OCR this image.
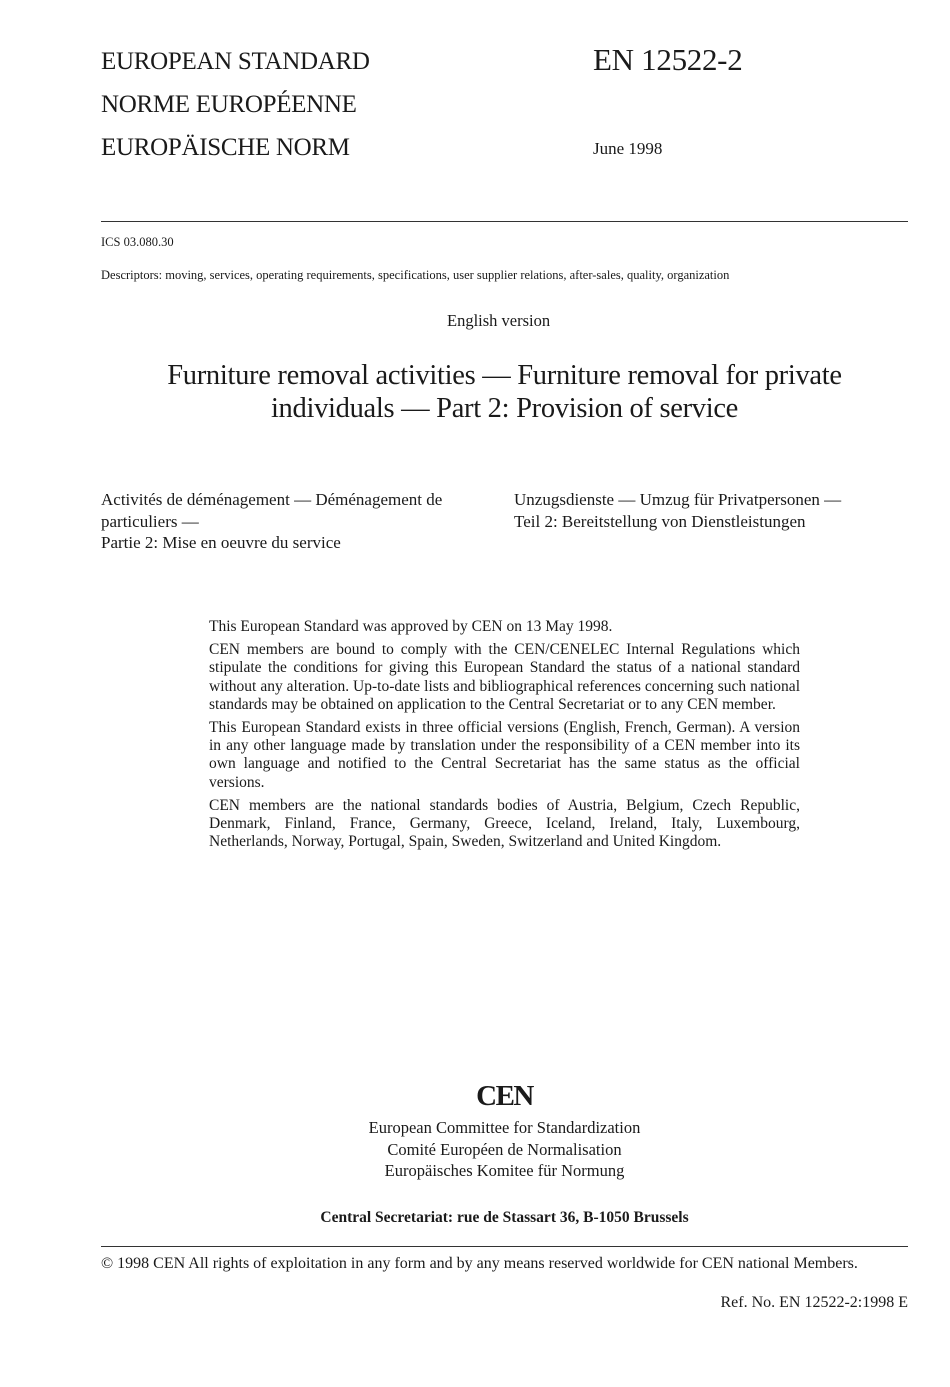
EUROPEAN STANDARD
NORME EUROPÉENNE
EUROPÄISCHE NORM
EN 12522-2
June 1998
ICS 03.080.30
Descriptors: moving, services, operating requirements, specifications, user supplier relations, after-sales, quality, organization
English version
Furniture removal activities — Furniture removal for private
individuals — Part 2: Provision of service
Activités de déménagement — Déménagement de
particuliers —
Partie 2: Mise en oeuvre du service
Unzugsdienste — Umzug für Privatpersonen —
Teil 2: Bereitstellung von Dienstleistungen

This European Standard was approved by CEN on 13 May 1998.

CEN members are bound to comply with the CEN/CENELEC Internal Regulations which stipulate the conditions for giving this European Standard the status of a national standard without any alteration. Up-to-date lists and bibliographical references concerning such national standards may be obtained on application to the Central Secretariat or to any CEN member.

This European Standard exists in three official versions (English, French, German). A version in any other language made by translation under the responsibility of a CEN member into its own language and notified to the Central Secretariat has the same status as the official versions.

CEN members are the national standards bodies of Austria, Belgium, Czech Republic, Denmark, Finland, France, Germany, Greece, Iceland, Ireland, Italy, Luxembourg, Netherlands, Norway, Portugal, Spain, Sweden, Switzerland and United Kingdom.

CEN
European Committee for Standardization
Comité Européen de Normalisation
Europäisches Komitee für Normung
Central Secretariat: rue de Stassart 36, B-1050 Brussels
© 1998 CEN All rights of exploitation in any form and by any means reserved worldwide for CEN national Members.
Ref. No. EN 12522-2:1998 E
